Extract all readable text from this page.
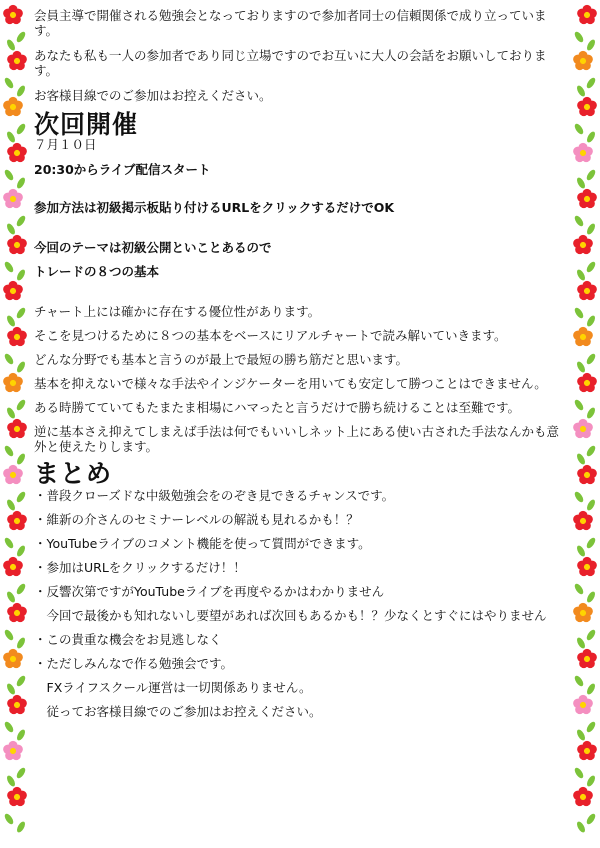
会員主導で開催される勉強会となっておりますので参加者同士の信頼関係で成り立っています。

あなたも私も一人の参加者であり同じ立場ですのでお互いに大人の会話をお願いしております。

お客様目線でのご参加はお控えください。

次回開催

７月１０日

20:30からライブ配信スタート

参加方法は初級掲示板貼り付けるURLをクリックするだけでOK

今回のテーマは初級公開といことあるので

トレードの８つの基本

チャート上には確かに存在する優位性があります。

そこを見つけるために８つの基本をベースにリアルチャートで読み解いていきます。

どんな分野でも基本と言うのが最上で最短の勝ち筋だと思います。

基本を抑えないで様々な手法やインジケーターを用いても安定して勝つことはできません。

ある時勝てていてもたまたま相場にハマったと言うだけで勝ち続けることは至難です。

逆に基本さえ抑えてしまえば手法は何でもいいしネット上にある使い古された手法なんかも意外と使えたりします。

まとめ

・普段クローズドな中級勉強会をのぞき見できるチャンスです。

・維新の介さんのセミナーレベルの解説も見れるかも！？

・YouTubeライブのコメント機能を使って質問ができます。

・参加はURLをクリックするだけ！！

・反響次第ですがYouTubeライブを再度やるかはわかりません

　今回で最後かも知れないし要望があれば次回もあるかも！？少なくとすぐにはやりません

・この貴重な機会をお見逃しなく

・ただしみんなで作る勉強会です。

　FXライフスクール運営は一切関係ありません。

　従ってお客様目線でのご参加はお控えください。
